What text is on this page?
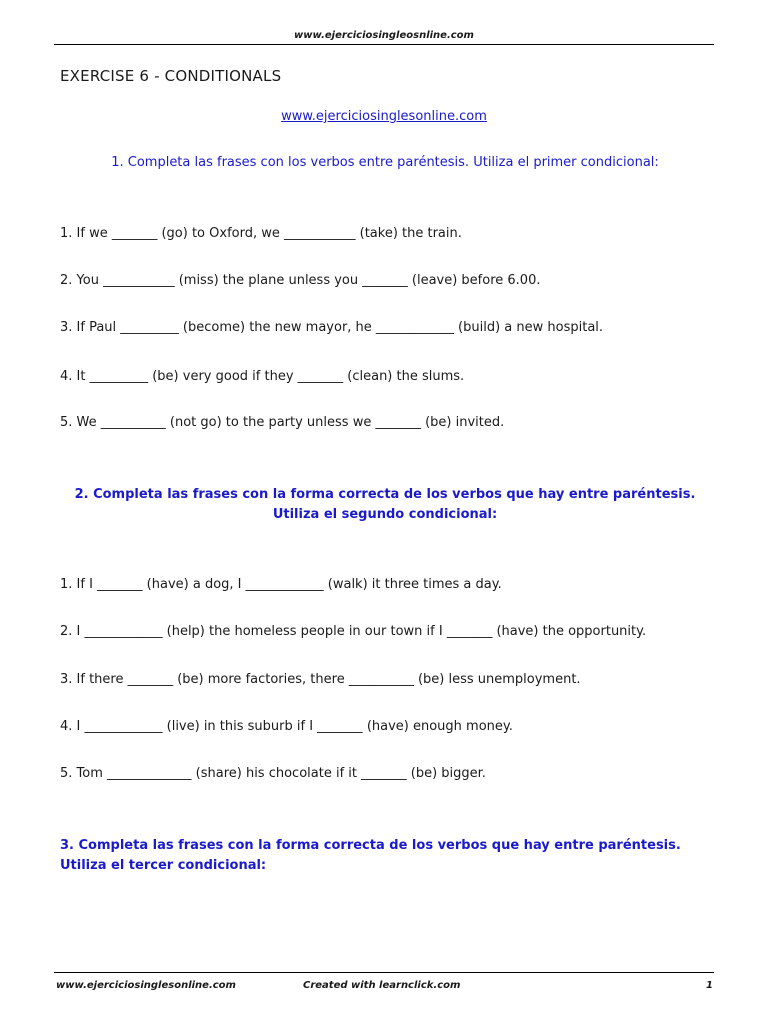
www.ejerciciosingleosnline.com
EXERCISE 6 - CONDITIONALS
www.ejerciciosinglesonline.com
1. Completa las frases con los verbos entre paréntesis. Utiliza el primer condicional:
1. If we _______ (go) to Oxford, we ___________ (take) the train.
2. You ___________ (miss) the plane unless you _______ (leave) before 6.00.
3. If Paul _________ (become) the new mayor, he ____________ (build) a new hospital.
4. It _________ (be) very good if they _______ (clean) the slums.
5. We __________ (not go) to the party unless we _______ (be) invited.
2. Completa las frases con la forma correcta de los verbos que hay entre paréntesis.
Utiliza el segundo condicional:
1. If I _______ (have) a dog, I ____________ (walk) it three times a day.
2. I ____________ (help) the homeless people in our town if I _______ (have) the opportunity.
3. If there _______ (be) more factories, there __________ (be) less unemployment.
4. I ____________ (live) in this suburb if I _______ (have) enough money.
5. Tom _____________ (share) his chocolate if it _______ (be) bigger.
3. Completa las frases con la forma correcta de los verbos que hay entre paréntesis.
Utiliza el tercer condicional:
www.ejerciciosinglesonline.com	Created with learnclick.com	1
